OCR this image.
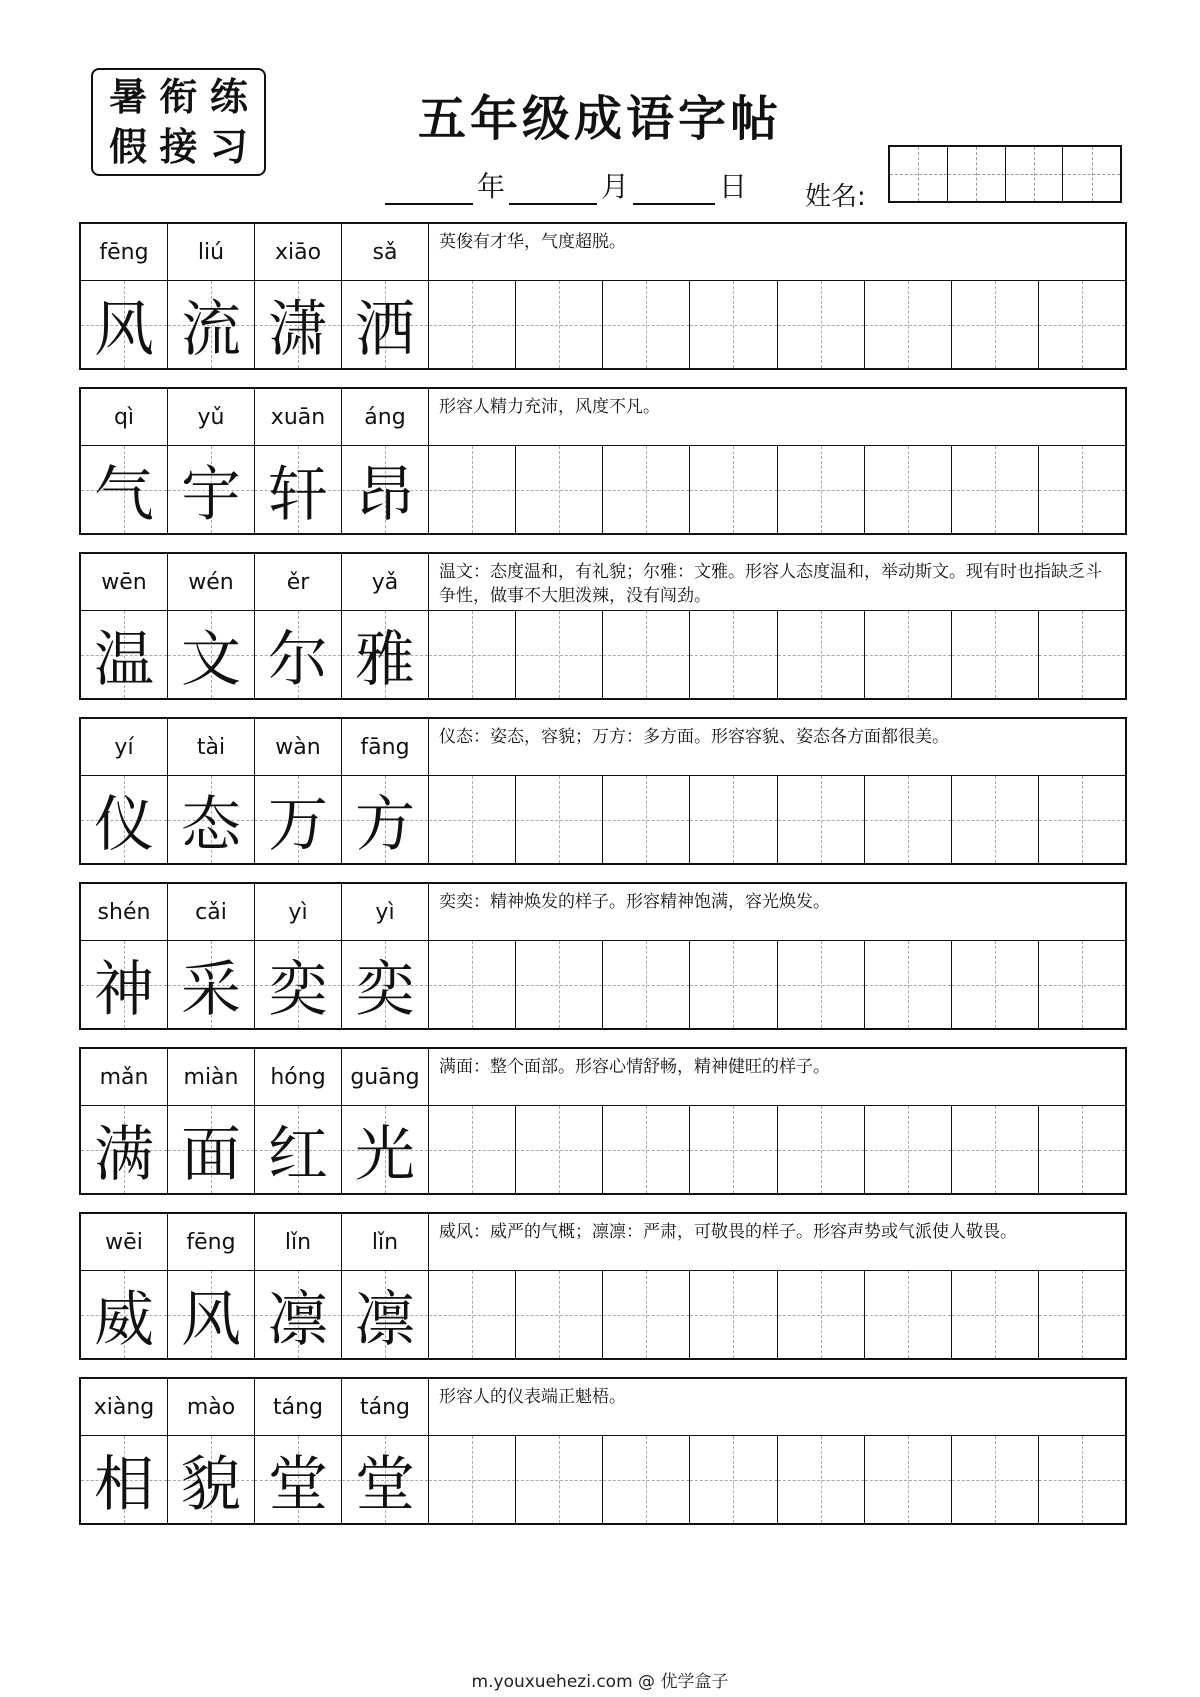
暑 衔 练
假 接 习	五年级成语字帖
年	月	日 姓名:
fēng	liú	xiāo	sǎ	英俊有才华，气度超脱。
风 流 潇 洒
qì	yǔ	xuān	áng	形容人精力充沛，风度不凡。
气 宇 轩 昂
wēn	wén	ěr	yǎ	温文：态度温和，有礼貌；尔雅：文雅。形容人态度温和，举动斯文。现有时也指缺乏斗争性，做事不大胆泼辣，没有闯劲。
温 文 尔 雅
yí	tài	wàn	fāng	仪态：姿态，容貌；万方：多方面。形容容貌、姿态各方面都很美。
仪 态 万 方
shén	cǎi	yì	yì	奕奕：精神焕发的样子。形容精神饱满，容光焕发。
神 采 奕 奕
mǎn	miàn	hóng	guāng	满面：整个面部。形容心情舒畅，精神健旺的样子。
满 面 红 光
wēi	fēng	lǐn	lǐn	威风：威严的气概；凛凛：严肃，可敬畏的样子。形容声势或气派使人敬畏。
威 风 凛 凛
xiàng	mào	táng	táng	形容人的仪表端正魁梧。
相 貌 堂 堂
m.youxuehezi.com @ 优学盒子
